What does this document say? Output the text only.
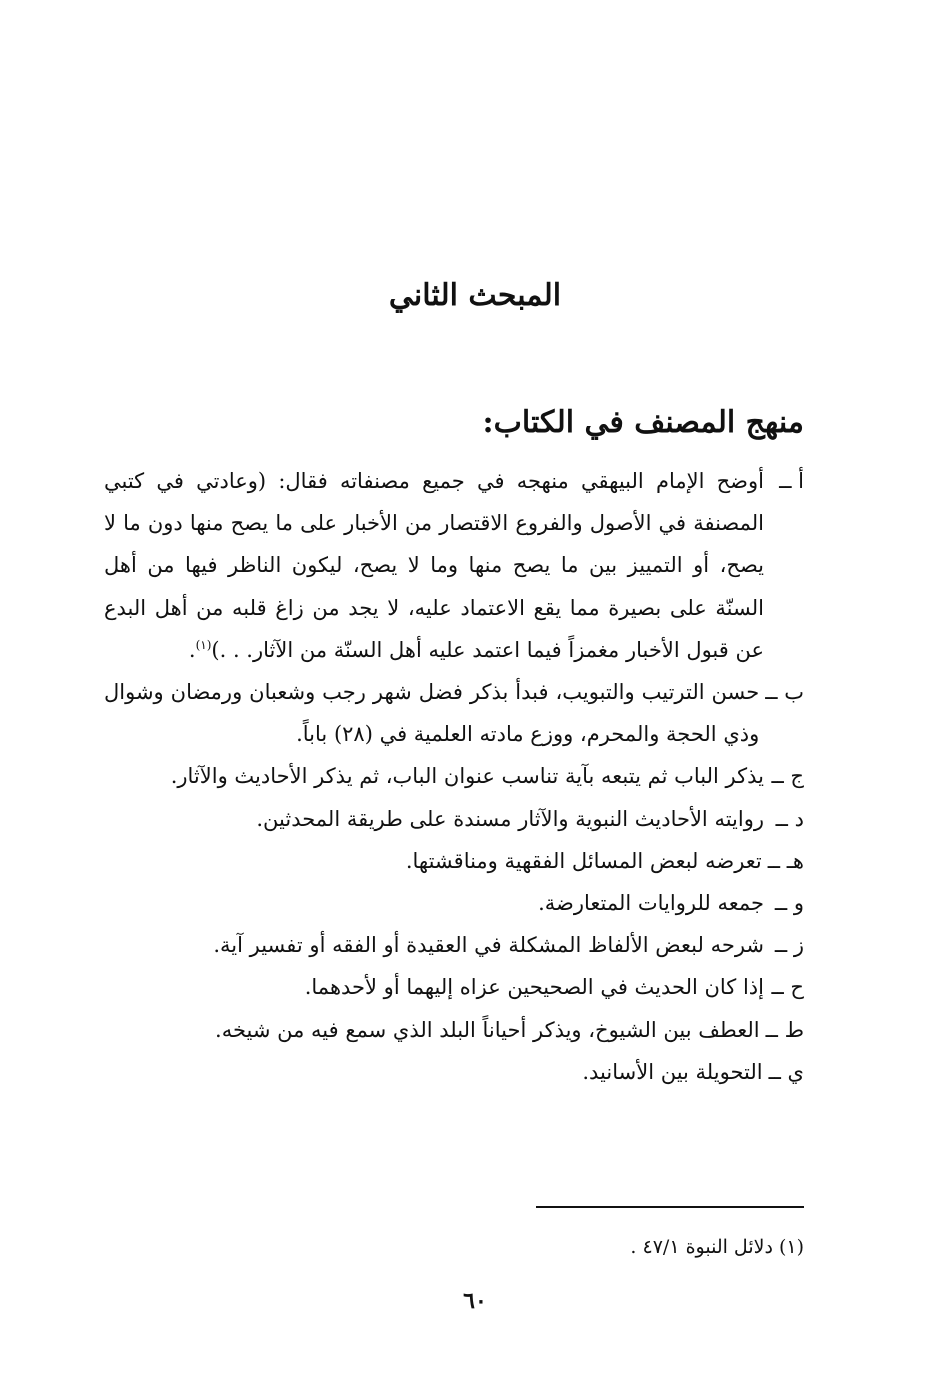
المبحث الثاني
منهج المصنف في الكتاب:

أ ــ
أوضح الإمام البيهقي منهجه في جميع مصنفاته فقال: (وعادتي في كتبي المصنفة في الأصول والفروع الاقتصار من الأخبار على ما يصح منها دون ما لا يصح، أو التمييز بين ما يصح منها وما لا يصح، ليكون الناظر فيها من أهل السنّة على بصيرة مما يقع الاعتماد عليه، لا يجد من زاغ قلبه من أهل البدع عن قبول الأخبار مغمزاً فيما اعتمد عليه أهل السنّة من الآثار. . .)$^{(١)}$.

ب ــ
حسن الترتيب والتبويب، فبدأ بذكر فضل شهر رجب وشعبان ورمضان وشوال وذي الحجة والمحرم، ووزع مادته العلمية في (٢٨) باباً.

ج ــ
يذكر الباب ثم يتبعه بآية تناسب عنوان الباب، ثم يذكر الأحاديث والآثار.

د ــ
روايته الأحاديث النبوية والآثار مسندة على طريقة المحدثين.

هـ ــ
تعرضه لبعض المسائل الفقهية ومناقشتها.

و ــ
جمعه للروايات المتعارضة.

ز ــ
شرحه لبعض الألفاظ المشكلة في العقيدة أو الفقه أو تفسير آية.

ح ــ
إذا كان الحديث في الصحيحين عزاه إليهما أو لأحدهما.

ط ــ
العطف بين الشيوخ، ويذكر أحياناً البلد الذي سمع فيه من شيخه.

ي ــ
التحويلة بين الأسانيد.

(١) دلائل النبوة ٤٧/١ .

٦٠
